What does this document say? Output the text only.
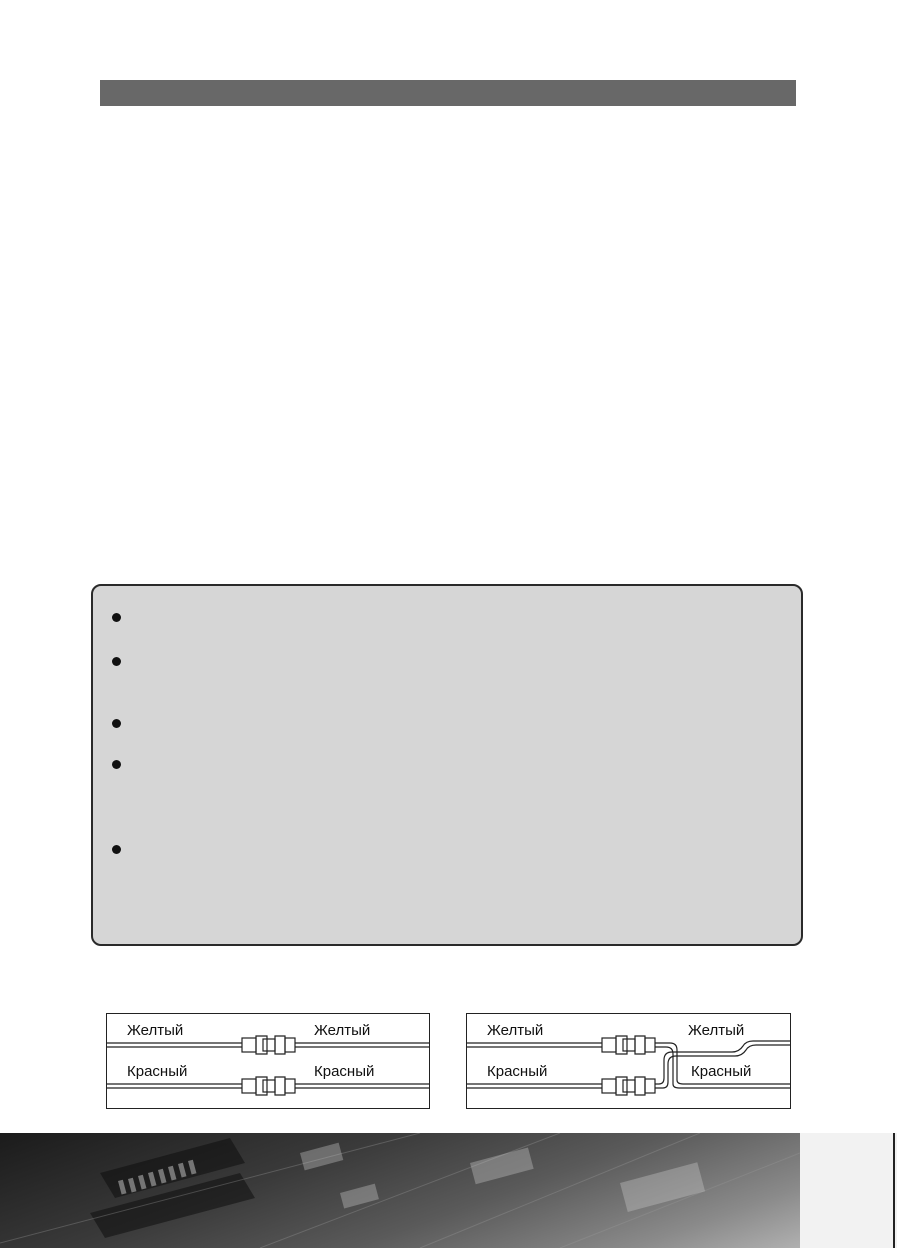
Желтый	Желтый
Красный	Красный
Желтый	Желтый
Красный	Красный
